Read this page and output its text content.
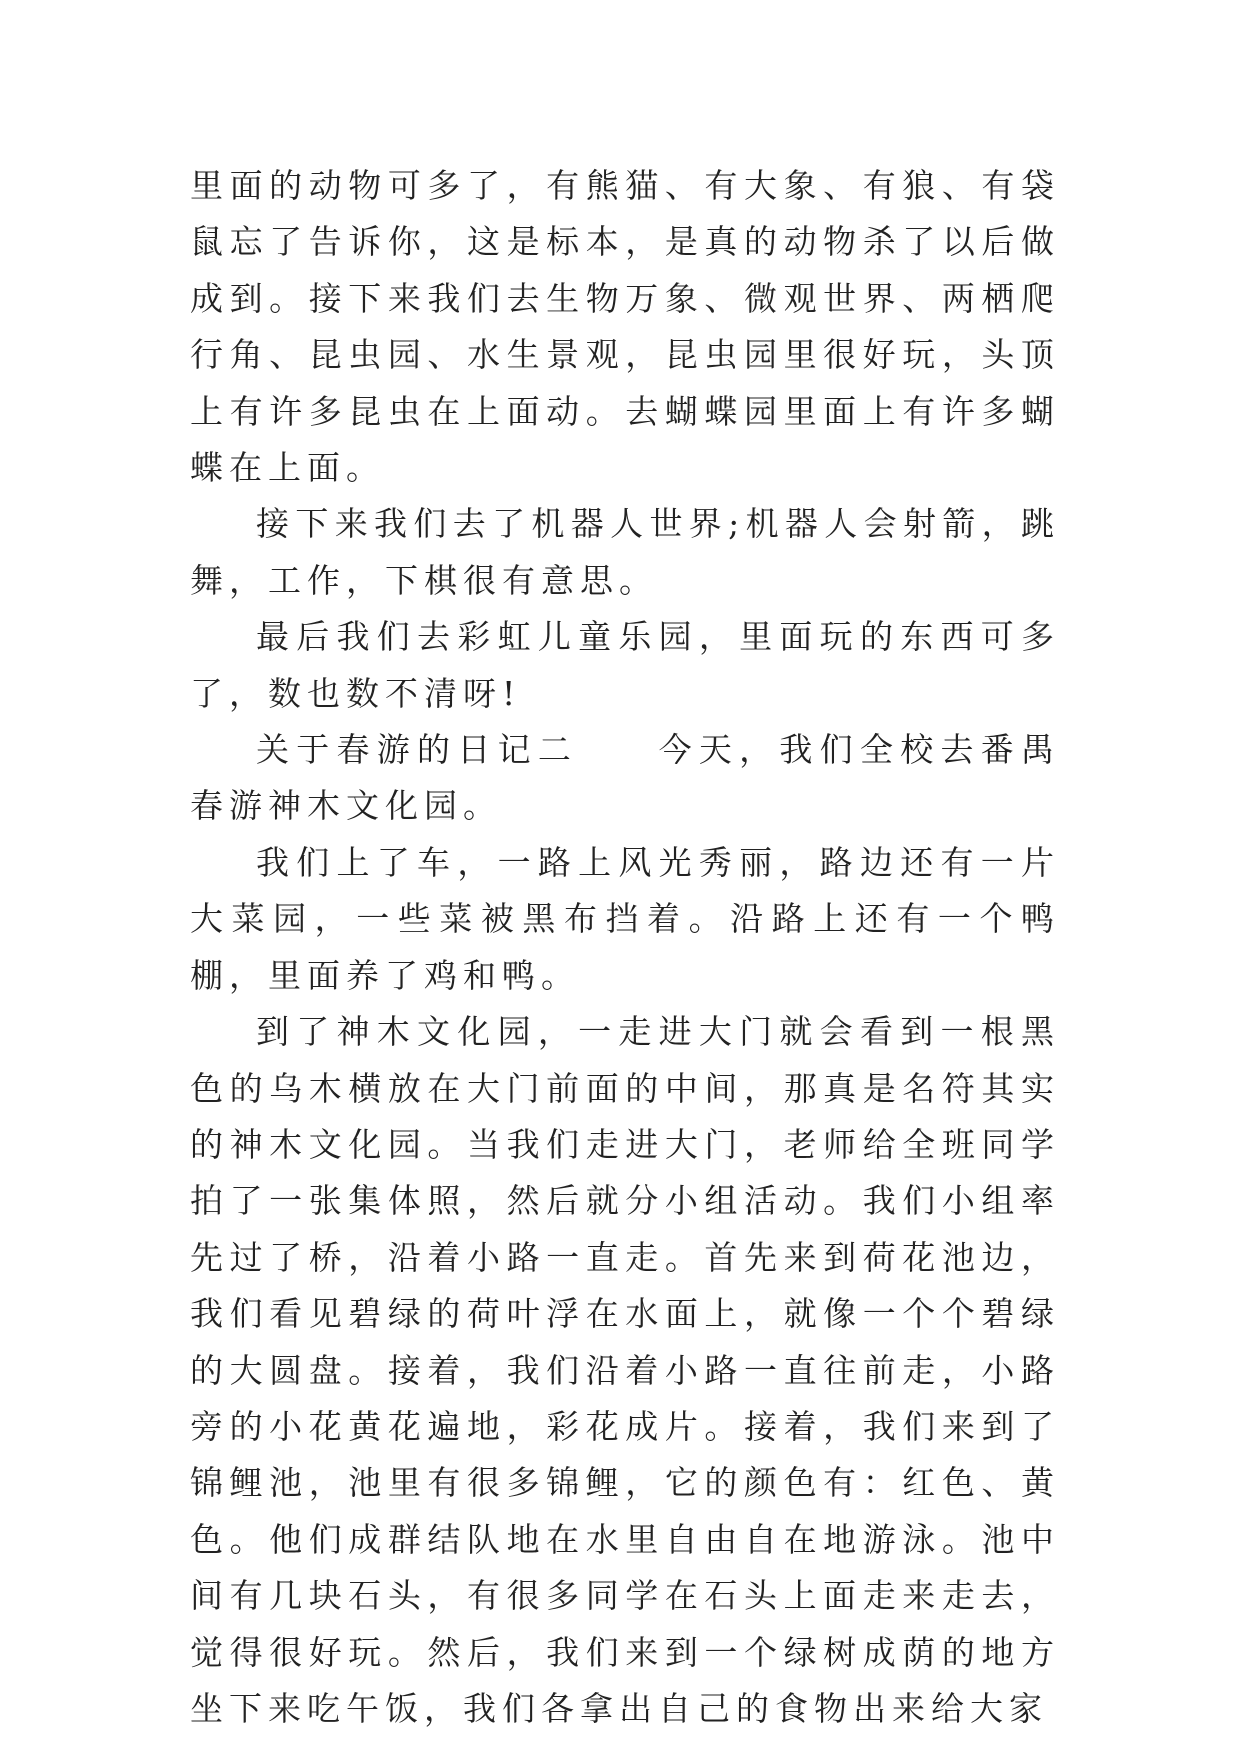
里面的动物可多了，有熊猫、有大象、有狼、有袋鼠忘了告诉你，这是标本，是真的动物杀了以后做成到。接下来我们去生物万象、微观世界、两栖爬行角、昆虫园、水生景观，昆虫园里很好玩，头顶上有许多昆虫在上面动。去蝴蝶园里面上有许多蝴蝶在上面。

接下来我们去了机器人世界;机器人会射箭，跳舞，工作，下棋很有意思。

最后我们去彩虹儿童乐园，里面玩的东西可多了，数也数不清呀!

关于春游的日记二　　今天，我们全校去番禺春游神木文化园。

我们上了车，一路上风光秀丽，路边还有一片大菜园，一些菜被黑布挡着。沿路上还有一个鸭棚，里面养了鸡和鸭。

到了神木文化园，一走进大门就会看到一根黑色的乌木横放在大门前面的中间，那真是名符其实的神木文化园。当我们走进大门，老师给全班同学拍了一张集体照，然后就分小组活动。我们小组率先过了桥，沿着小路一直走。首先来到荷花池边，我们看见碧绿的荷叶浮在水面上，就像一个个碧绿的大圆盘。接着，我们沿着小路一直往前走，小路旁的小花黄花遍地，彩花成片。接着，我们来到了锦鲤池，池里有很多锦鲤，它的颜色有：红色、黄色。他们成群结队地在水里自由自在地游泳。池中间有几块石头，有很多同学在石头上面走来走去，觉得很好玩。然后，我们来到一个绿树成荫的地方坐下来吃午饭，我们各拿出自己的食物出来给大家
